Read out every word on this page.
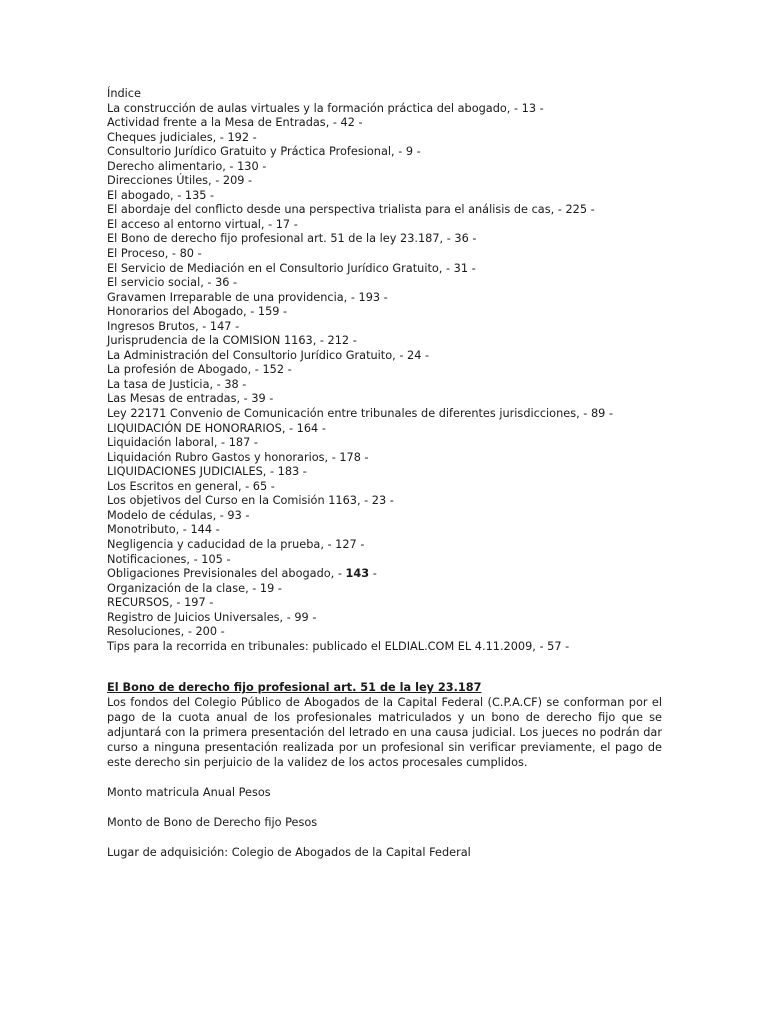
Índice
La construcción de aulas virtuales y la formación práctica del abogado, - 13 -
Actividad frente a la Mesa de Entradas, - 42 -
Cheques judiciales, - 192 -
Consultorio Jurídico Gratuito y Práctica Profesional, - 9 -
Derecho alimentario, - 130 -
Direcciones Útiles, - 209 -
El abogado, - 135 -
El abordaje del conflicto desde una perspectiva trialista para el análisis de cas, - 225 -
El acceso al entorno virtual, - 17 -
El Bono de derecho fijo profesional art. 51 de la ley 23.187, - 36 -
El Proceso, - 80 -
El Servicio de Mediación en el Consultorio Jurídico Gratuito, - 31 -
El servicio social, - 36 -
Gravamen Irreparable de una providencia, - 193 -
Honorarios del Abogado, - 159 -
Ingresos Brutos, - 147 -
Jurisprudencia de la COMISION 1163, - 212 -
La Administración del Consultorio Jurídico Gratuito, - 24 -
La profesión de Abogado, - 152 -
La tasa de Justicia, - 38 -
Las Mesas de entradas, - 39 -
Ley 22171 Convenio de Comunicación entre tribunales de diferentes jurisdicciones, - 89 -
LIQUIDACIÓN DE HONORARIOS, - 164 -
Liquidación laboral, - 187 -
Liquidación Rubro Gastos y honorarios, - 178 -
LIQUIDACIONES JUDICIALES, - 183 -
Los Escritos en general, - 65 -
Los objetivos del Curso en la Comisión 1163, - 23 -
Modelo de cédulas, - 93 -
Monotributo, - 144 -
Negligencia y caducidad de la prueba, - 127 -
Notificaciones, - 105 -
Obligaciones Previsionales del abogado, - 143 -
Organización de la clase, - 19 -
RECURSOS, - 197 -
Registro de Juicios Universales, - 99 -
Resoluciones, - 200 -
Tips para la recorrida en tribunales: publicado el ELDIAL.COM EL 4.11.2009, - 57 -
El Bono de derecho fijo profesional art. 51 de la ley 23.187
Los fondos del Colegio Público de Abogados de la Capital Federal (C.P.A.CF) se conforman por el pago de la cuota anual de los profesionales matriculados y un bono de derecho fijo que se adjuntará con la primera presentación del letrado en una causa judicial. Los jueces no podrán dar curso a ninguna presentación realizada por un profesional sin verificar previamente, el pago de este derecho sin perjuicio de la validez de los actos procesales cumplidos.
Monto matricula Anual Pesos
Monto de Bono de Derecho fijo Pesos
Lugar de adquisición: Colegio de Abogados de la Capital Federal
